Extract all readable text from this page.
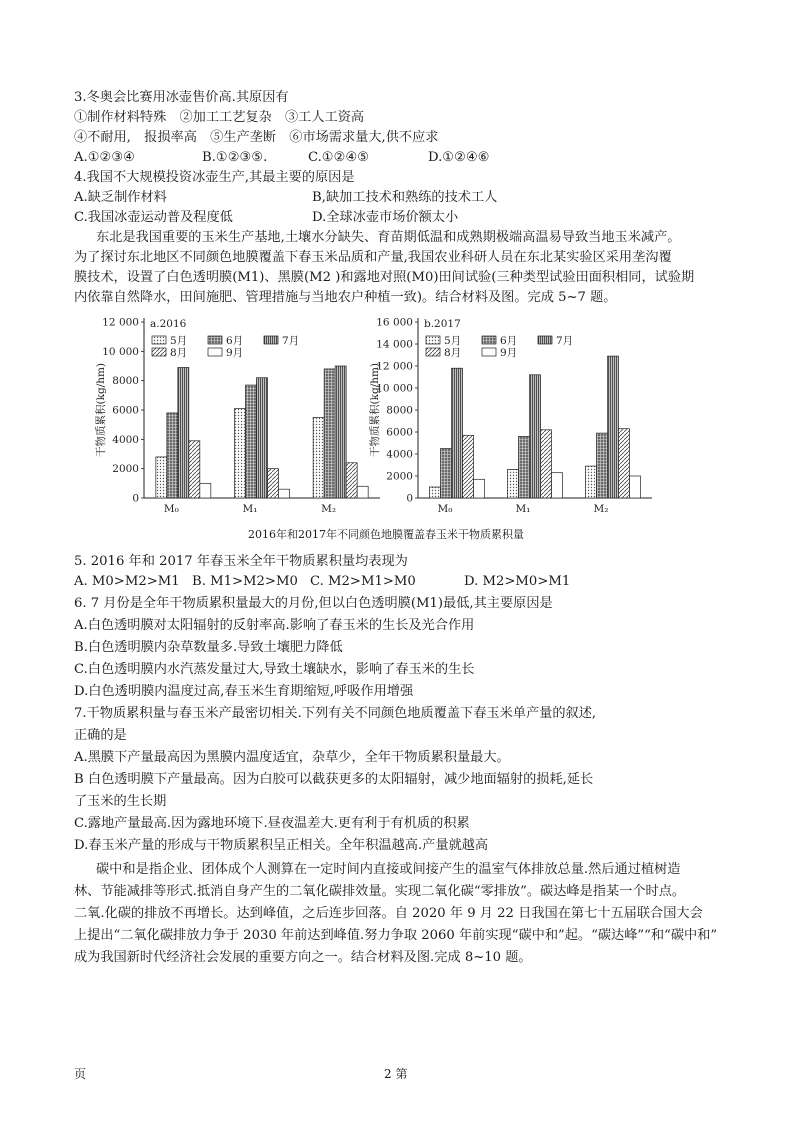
3.冬奥会比赛用冰壶售价高.其原因有
①制作材料特殊　②加工工艺复杂　③工人工资高
④不耐用,　报损率高　⑤生产垄断　⑥市场需求量大,供不应求
A.①②③④	B.①②③⑤.	C.①②④⑤	D.①②④⑥
4.我国不大规模投资冰壶生产,其最主要的原因是
A.缺乏制作材料	B,缺加工技术和熟练的技术工人
C.我国冰壶运动普及程度低	D.全球冰壶市场价额太小
东北是我国重要的玉米生产基地,土壤水分缺失、育苗期低温和成熟期极端高温易导致当地玉米减产。
为了探讨东北地区不同颜色地膜覆盖下春玉米品质和产量,我国农业科研人员在东北某实验区采用垄沟覆
膜技术，设置了白色透明膜(M1)、黑膜(M2 )和露地对照(M0)田间试验(三种类型试验田面积相同，试验期
内依靠自然降水，田间施肥、管理措施与当地农户种植一致)。结合材料及图。完成 5~7 题。
0
2000
4000
6000
8000
10 000
12 000
干物质累积(kg/hm)
a.2016
5月	6月	7月
8月	9月
M₀	M₁	M₂
0
2000
4000
6000
8000
10 000
12 000
14 000
16 000
干物质累积(kg/hm)
b.2017
5月	6月	7月
8月	9月
M₀	M₁	M₂
2016年和2017年不同颜色地膜覆盖春玉米干物质累积量
5. 2016 年和 2017 年春玉米全年干物质累积量均表现为
A. M0>M2>M1 B. M1>M2>M0 C. M2>M1>M0	D. M2>M0>M1
6. 7 月份是全年干物质累积量最大的月份,但以白色透明膜(M1)最低,其主要原因是
A.白色透明膜对太阳辐射的反射率高.影响了春玉米的生长及光合作用
B.白色透明膜内杂草数量多.导致土壤肥力降低
C.白色透明膜内水汽蒸发量过大,导致土壤缺水，影响了春玉米的生长
D.白色透明膜内温度过高,春玉米生育期缩短,呼吸作用增强
7.干物质累积量与春玉米产最密切相关.下列有关不同颜色地质覆盖下春玉米单产量的叙述,
正确的是
A.黑膜下产量最高因为黑膜内温度适宜，杂草少，全年干物质累积量最大。
B 白色透明膜下产量最高。因为白胶可以截获更多的太阳辐射，减少地面辐射的损耗,延长
了玉米的生长期
C.露地产量最高.因为露地环境下.昼夜温差大.更有利于有机质的积累
D.春玉米产量的形成与干物质累积呈正相关。全年积温越高.产量就越高
碳中和是指企业、团体成个人测算在一定时间内直接或间接产生的温室气体排放总量.然后通过植树造
林、节能减排等形式.抵消自身产生的二氧化碳排效量。实现二氧化碳“零排放”。碳达峰是指某一个时点。
二氧.化碳的排放不再增长。达到峰值，之后连步回落。自 2020 年 9 月 22 日我国在第七十五届联合国大会
上提出“二氧化碳排放力争于 2030 年前达到峰值.努力争取 2060 年前实现“碳中和”起。“碳达峰”“和“碳中和”
成为我国新时代经济社会发展的重要方向之一。结合材料及图.完成 8~10 题。
页	2 第
